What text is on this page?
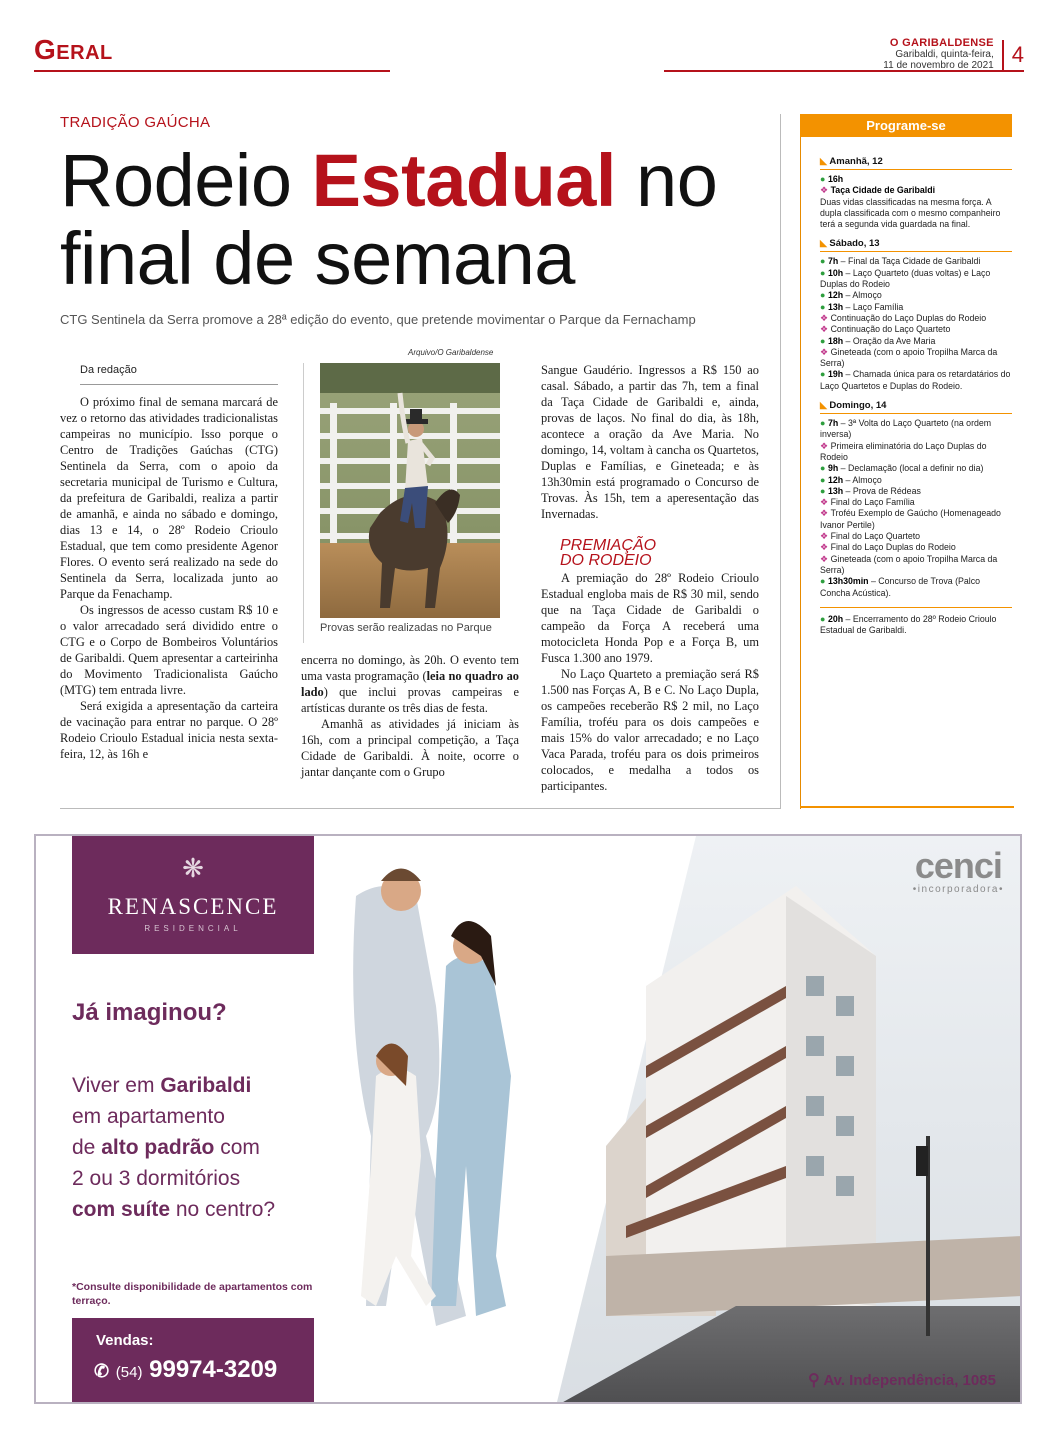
Geral	O GARIBALDENSE
Garibaldi, quinta-feira,
11 de novembro de 2021 4
TRADIÇÃO GAÚCHA
Rodeio Estadual no final de semana
CTG Sentinela da Serra promove a 28ª edição do evento, que pretende movimentar o Parque da Fernachamp
Da redação

O próximo final de semana marcará de vez o retorno das atividades tradicionalistas campeiras no município. Isso porque o Centro de Tradições Gaúchas (CTG) Sentinela da Serra, com o apoio da secretaria municipal de Turismo e Cultura, da prefeitura de Garibaldi, realiza a partir de amanhã, e ainda no sábado e domingo, dias 13 e 14, o 28º Rodeio Crioulo Estadual, que tem como presidente Agenor Flores. O evento será realizado na sede do Sentinela da Serra, localizada junto ao Parque da Fenachamp.

Os ingressos de acesso custam R$ 10 e o valor arrecadado será dividido entre o CTG e o Corpo de Bombeiros Voluntários de Garibaldi. Quem apresentar a carteirinha do Movimento Tradicionalista Gaúcho (MTG) tem entrada livre.

Será exigida a apresentação da carteira de vacinação para entrar no parque. O 28º Rodeio Crioulo Estadual inicia nesta sexta-feira, 12, às 16h e

Arquivo/O Garibaldense
Provas serão realizadas no Parque

encerra no domingo, às 20h. O evento tem uma vasta programação (leia no quadro ao lado) que inclui provas campeiras e artísticas durante os três dias de festa.

Amanhã as atividades já iniciam às 16h, com a principal competição, a Taça Cidade de Garibaldi. À noite, ocorre o jantar dançante com o Grupo

Sangue Gaudério. Ingressos a R$ 150 ao casal. Sábado, a partir das 7h, tem a final da Taça Cidade de Garibaldi e, ainda, provas de laços. No final do dia, às 18h, acontece a oração da Ave Maria. No domingo, 14, voltam à cancha os Quartetos, Duplas e Famílias, e Gineteada; e às 13h30min está programado o Concurso de Trovas. Às 15h, tem a aperesentação das Invernadas.

PREMIAÇÃO
DO RODEIO

A premiação do 28º Rodeio Crioulo Estadual engloba mais de R$ 30 mil, sendo que na Taça Cidade de Garibaldi o campeão da Força A receberá uma motocicleta Honda Pop e a Força B, um Fusca 1.300 ano 1979.

No Laço Quarteto a premiação será R$ 1.500 nas Forças A, B e C. No Laço Dupla, os campeões receberão R$ 2 mil, no Laço Família, troféu para os dois campeões e mais 15% do valor arrecadado; e no Laço Vaca Parada, troféu para os dois primeiros colocados, e medalha a todos os participantes.

Programe-se
◣ Amanhã, 12
● 16h
❖ Taça Cidade de Garibaldi
Duas vidas classificadas na mesma força. A dupla classificada com o mesmo companheiro terá a segunda vida guardada na final.
◣ Sábado, 13
● 7h – Final da Taça Cidade de Garibaldi
● 10h – Laço Quarteto (duas voltas) e Laço Duplas do Rodeio
● 12h – Almoço
● 13h – Laço Família
❖ Continuação do Laço Duplas do Rodeio
❖ Continuação do Laço Quarteto
● 18h – Oração da Ave Maria
❖ Gineteada (com o apoio Tropilha Marca da Serra)
● 19h – Chamada única para os retardatários do Laço Quartetos e Duplas do Rodeio.
◣ Domingo, 14
● 7h – 3ª Volta do Laço Quarteto (na ordem inversa)
❖ Primeira eliminatória do Laço Duplas do Rodeio
● 9h – Declamação (local a definir no dia)
● 12h – Almoço
● 13h – Prova de Rédeas
❖ Final do Laço Família
❖ Troféu Exemplo de Gaúcho (Homenageado Ivanor Pertile)
❖ Final do Laço Quarteto
❖ Final do Laço Duplas do Rodeio
❖ Gineteada (com o apoio Tropilha Marca da Serra)
● 13h30min – Concurso de Trova (Palco Concha Acústica).
● 20h – Encerramento do 28º Rodeio Crioulo Estadual de Garibaldi.
❋
RENASCENCE
RESIDENCIAL
Já imaginou?
Viver em Garibaldi
em apartamento
de alto padrão com
2 ou 3 dormitórios
com suíte no centro?
*Consulte disponibilidade de apartamentos com terraço.
Vendas:
✆ (54) 99974-3209
cenci
•incorporadora•
⚲ Av. Independência, 1085
